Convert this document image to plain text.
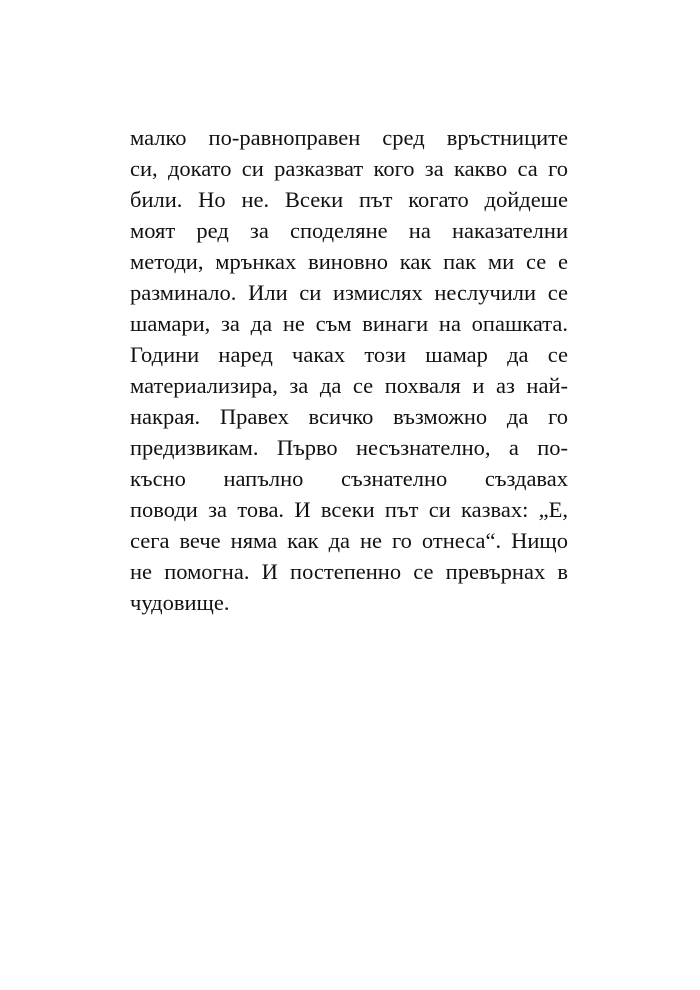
малко по-равноправен сред връстниците
си, докато си разказват кого за какво са го
били. Но не. Всеки път когато дойдеше
моят ред за споделяне на наказателни
методи, мрънках виновно как пак ми се е
разминало. Или си измислях неслучили се
шамари, за да не съм винаги на опашката.
Години наред чаках този шамар да се
материализира, за да се похваля и аз най-
накрая. Правех всичко възможно да го
предизвикам. Първо несъзнателно, а по-
късно напълно съзнателно създавах
поводи за това. И всеки път си казвах: „Е,
сега вече няма как да не го отнеса“. Нищо
не помогна. И постепенно се превърнах в
чудовище.
